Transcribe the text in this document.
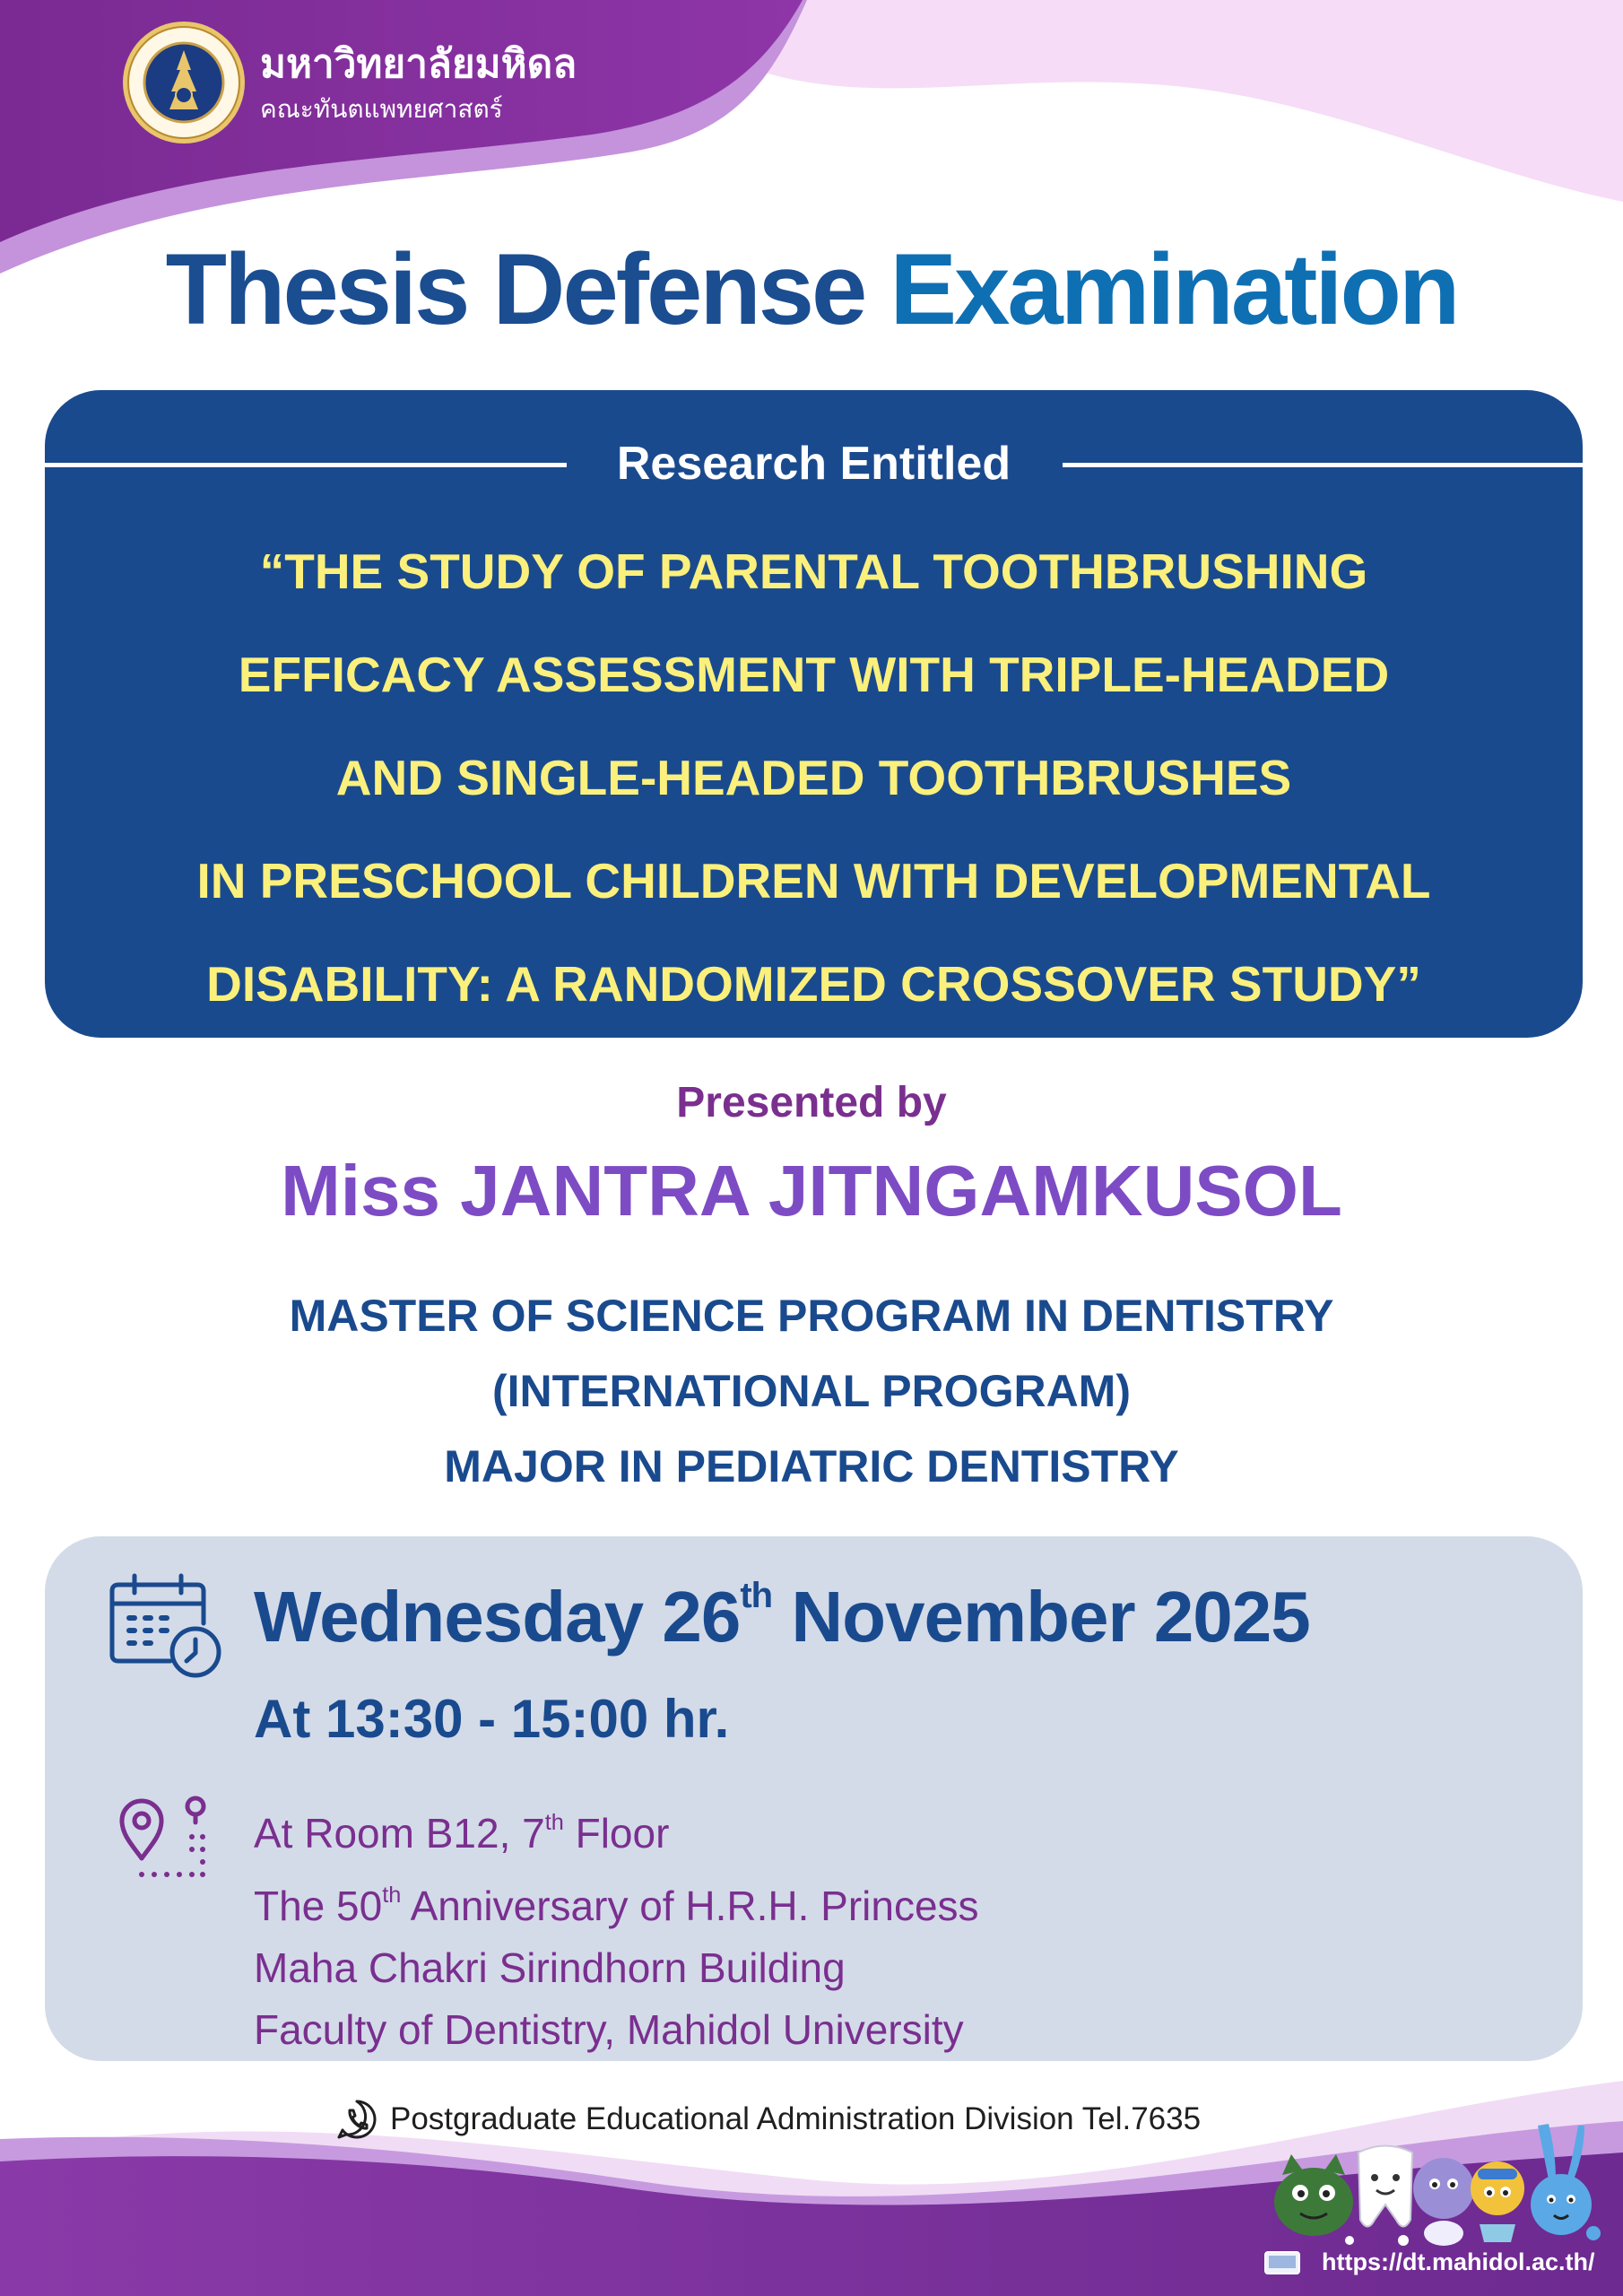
มหาวิทยาลัยมหิดล
คณะทันตแพทยศาสตร์
Thesis Defense Examination
Research Entitled
“THE STUDY OF PARENTAL TOOTHBRUSHING
EFFICACY ASSESSMENT WITH TRIPLE-HEADED
AND SINGLE-HEADED TOOTHBRUSHES
IN PRESCHOOL CHILDREN WITH DEVELOPMENTAL
DISABILITY: A RANDOMIZED CROSSOVER STUDY”
Presented by
Miss JANTRA JITNGAMKUSOL
MASTER OF SCIENCE PROGRAM IN DENTISTRY
(INTERNATIONAL PROGRAM)
MAJOR IN PEDIATRIC DENTISTRY
Wednesday 26th November 2025
At 13:30 - 15:00 hr.
At Room B12, 7th Floor
The 50th Anniversary of H.R.H. Princess
Maha Chakri Sirindhorn Building
Faculty of Dentistry, Mahidol University
Postgraduate Educational Administration Division Tel.7635
https://dt.mahidol.ac.th/
